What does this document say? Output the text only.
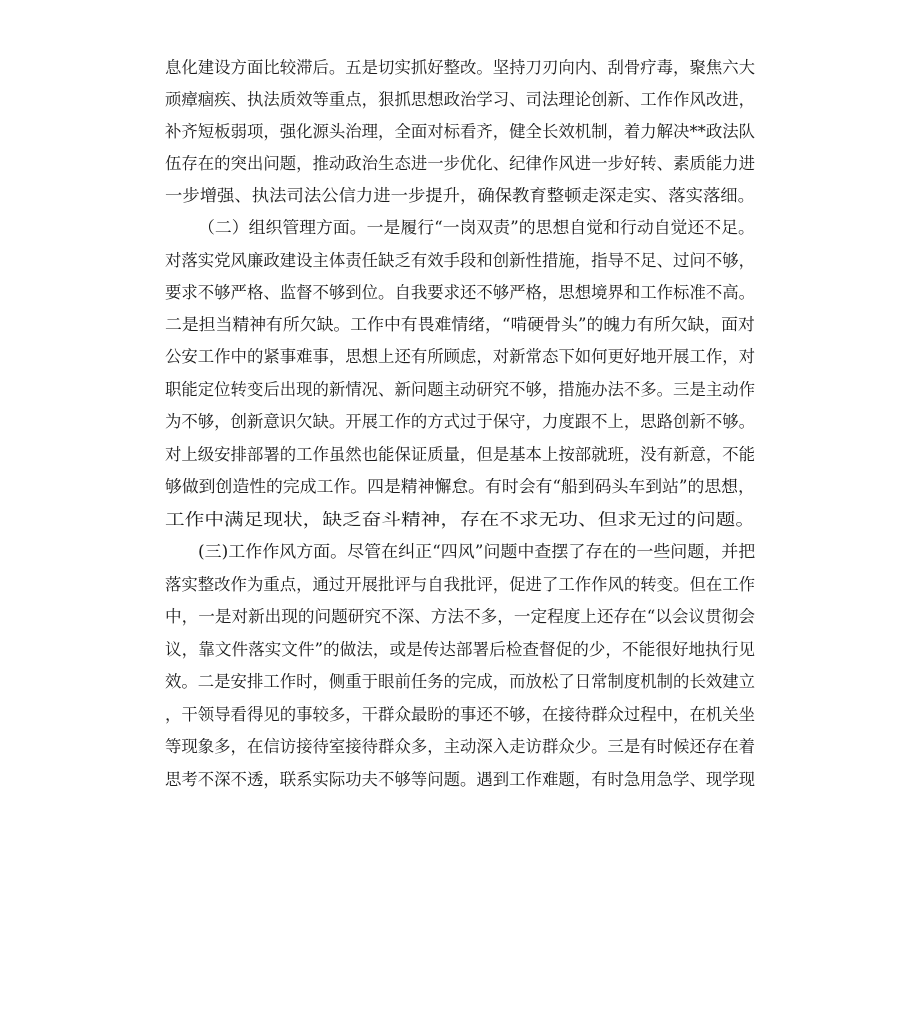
息化建设方面比较滞后。五是切实抓好整改。坚持刀刃向内、刮骨疗毒，聚焦六大
顽瘴痼疾、执法质效等重点，狠抓思想政治学习、司法理论创新、工作作风改进，
补齐短板弱项，强化源头治理，全面对标看齐，健全长效机制，着力解决**政法队
伍存在的突出问题，推动政治生态进一步优化、纪律作风进一步好转、素质能力进
一步增强、执法司法公信力进一步提升，确保教育整顿走深走实、落实落细。
（二）组织管理方面。一是履行“一岗双责”的思想自觉和行动自觉还不足。
对落实党风廉政建设主体责任缺乏有效手段和创新性措施，指导不足、过问不够，
要求不够严格、监督不够到位。自我要求还不够严格，思想境界和工作标准不高。
二是担当精神有所欠缺。工作中有畏难情绪，“啃硬骨头”的魄力有所欠缺，面对
公安工作中的紧事难事，思想上还有所顾虑，对新常态下如何更好地开展工作，对
职能定位转变后出现的新情况、新问题主动研究不够，措施办法不多。三是主动作
为不够，创新意识欠缺。开展工作的方式过于保守，力度跟不上，思路创新不够。
对上级安排部署的工作虽然也能保证质量，但是基本上按部就班，没有新意，不能
够做到创造性的完成工作。四是精神懈怠。有时会有“船到码头车到站”的思想，
工作中满足现状，缺乏奋斗精神，存在不求无功、但求无过的问题。
(三)工作作风方面。尽管在纠正“四风”问题中查摆了存在的一些问题，并把
落实整改作为重点，通过开展批评与自我批评，促进了工作作风的转变。但在工作
中，一是对新出现的问题研究不深、方法不多，一定程度上还存在“以会议贯彻会
议，靠文件落实文件”的做法，或是传达部署后检查督促的少，不能很好地执行见
效。二是安排工作时，侧重于眼前任务的完成，而放松了日常制度机制的长效建立
，干领导看得见的事较多，干群众最盼的事还不够，在接待群众过程中，在机关坐
等现象多，在信访接待室接待群众多，主动深入走访群众少。三是有时候还存在着
思考不深不透，联系实际功夫不够等问题。遇到工作难题，有时急用急学、现学现
